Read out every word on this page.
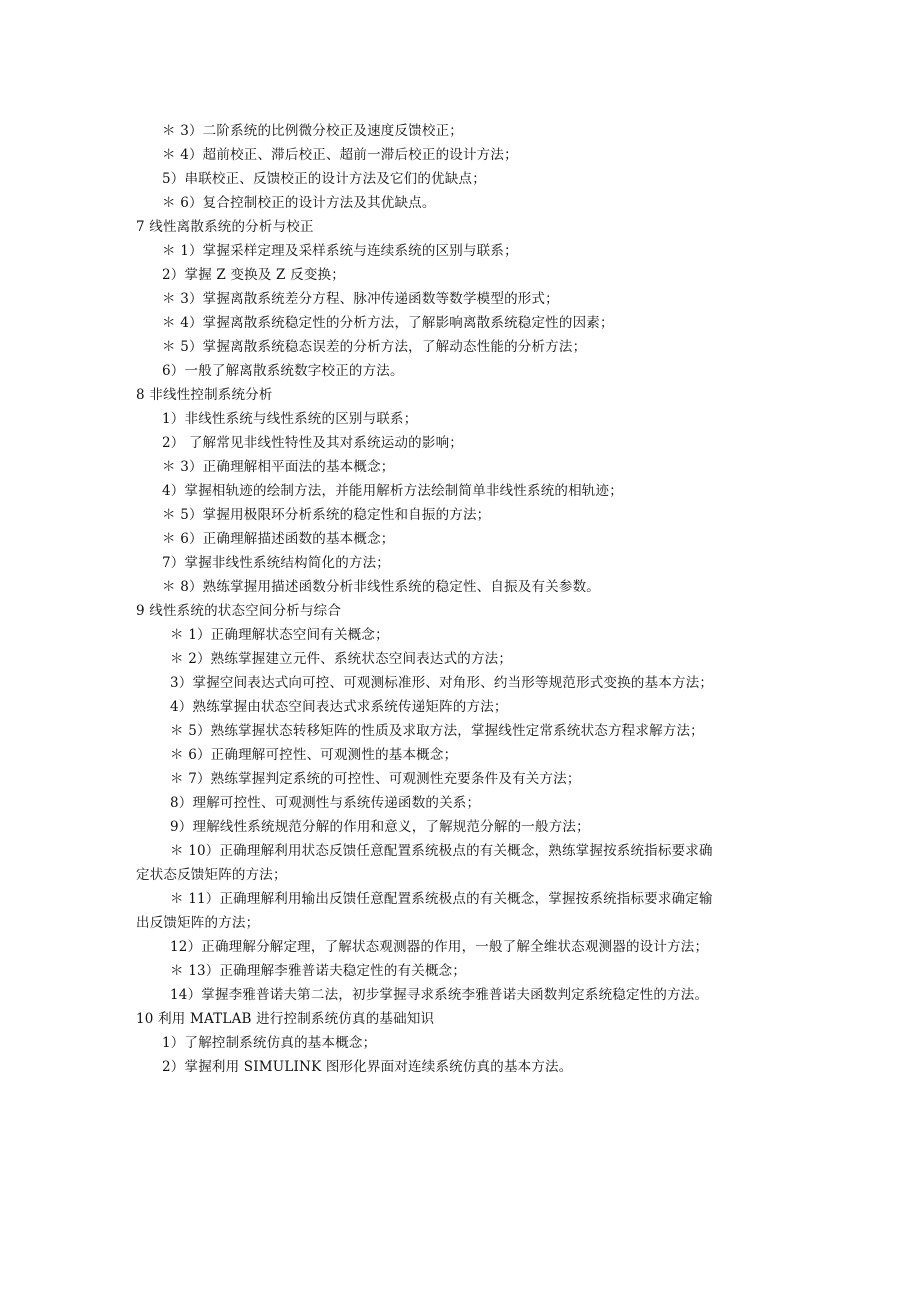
＊ 3）二阶系统的比例微分校正及速度反馈校正；
＊ 4）超前校正、滞后校正、超前一滞后校正的设计方法；
5）串联校正、反馈校正的设计方法及它们的优缺点；
＊ 6）复合控制校正的设计方法及其优缺点。
7 线性离散系统的分析与校正
＊ 1）掌握采样定理及采样系统与连续系统的区别与联系；
2）掌握 Z 变换及 Z 反变换；
＊ 3）掌握离散系统差分方程、脉冲传递函数等数学模型的形式；
＊ 4）掌握离散系统稳定性的分析方法，了解影响离散系统稳定性的因素；
＊ 5）掌握离散系统稳态误差的分析方法，了解动态性能的分析方法；
6）一般了解离散系统数字校正的方法。
8 非线性控制系统分析
1）非线性系统与线性系统的区别与联系；
2） 了解常见非线性特性及其对系统运动的影响；
＊ 3）正确理解相平面法的基本概念；
4）掌握相轨迹的绘制方法，并能用解析方法绘制简单非线性系统的相轨迹；
＊ 5）掌握用极限环分析系统的稳定性和自振的方法；
＊ 6）正确理解描述函数的基本概念；
7）掌握非线性系统结构简化的方法；
＊ 8）熟练掌握用描述函数分析非线性系统的稳定性、自振及有关参数。
9 线性系统的状态空间分析与综合
＊ 1）正确理解状态空间有关概念；
＊ 2）熟练掌握建立元件、系统状态空间表达式的方法；
3）掌握空间表达式向可控、可观测标准形、对角形、约当形等规范形式变换的基本方法；
4）熟练掌握由状态空间表达式求系统传递矩阵的方法；
＊ 5）熟练掌握状态转移矩阵的性质及求取方法，掌握线性定常系统状态方程求解方法；
＊ 6）正确理解可控性、可观测性的基本概念；
＊ 7）熟练掌握判定系统的可控性、可观测性充要条件及有关方法；
8）理解可控性、可观测性与系统传递函数的关系；
9）理解线性系统规范分解的作用和意义，了解规范分解的一般方法；
＊ 10）正确理解利用状态反馈任意配置系统极点的有关概念，熟练掌握按系统指标要求确
定状态反馈矩阵的方法；
＊ 11）正确理解利用输出反馈任意配置系统极点的有关概念，掌握按系统指标要求确定输
出反馈矩阵的方法；
12）正确理解分解定理，了解状态观测器的作用，一般了解全维状态观测器的设计方法；
＊ 13）正确理解李雅普诺夫稳定性的有关概念；
14）掌握李雅普诺夫第二法，初步掌握寻求系统李雅普诺夫函数判定系统稳定性的方法。
10 利用 MATLAB 进行控制系统仿真的基础知识
1）了解控制系统仿真的基本概念；
2）掌握利用 SIMULINK 图形化界面对连续系统仿真的基本方法。
